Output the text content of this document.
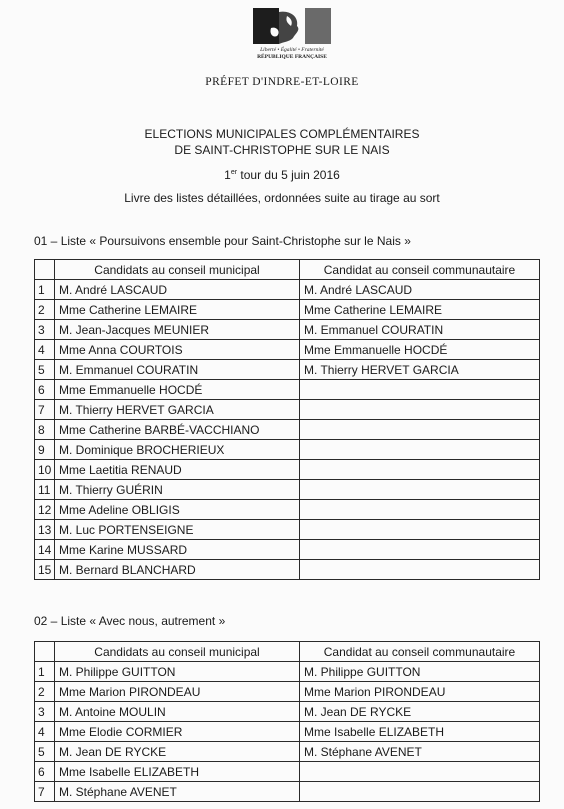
Liberté • Égalité • Fraternité
RÉPUBLIQUE FRANÇAISE
PRÉFET D'INDRE-ET-LOIRE
ELECTIONS MUNICIPALES COMPLÉMENTAIRES
DE SAINT-CHRISTOPHE SUR LE NAIS
1er tour du 5 juin 2016
Livre des listes détaillées, ordonnées suite au tirage au sort
01 – Liste « Poursuivons ensemble pour Saint-Christophe sur le Nais »
	Candidats au conseil municipal	Candidat au conseil communautaire
1	M. André LASCAUD	M. André LASCAUD
2	Mme Catherine LEMAIRE	Mme Catherine LEMAIRE
3	M. Jean-Jacques MEUNIER	M. Emmanuel COURATIN
4	Mme Anna COURTOIS	Mme Emmanuelle HOCDÉ
5	M. Emmanuel COURATIN	M. Thierry HERVET GARCIA
6	Mme Emmanuelle HOCDÉ	
7	M. Thierry HERVET GARCIA	
8	Mme Catherine BARBÉ-VACCHIANO	
9	M. Dominique BROCHERIEUX	
10	Mme Laetitia RENAUD	
11	M. Thierry GUÉRIN	
12	Mme Adeline OBLIGIS	
13	M. Luc PORTENSEIGNE	
14	Mme Karine MUSSARD	
15	M. Bernard BLANCHARD	
02 – Liste « Avec nous, autrement »
	Candidats au conseil municipal	Candidat au conseil communautaire
1	M. Philippe GUITTON	M. Philippe GUITTON
2	Mme Marion PIRONDEAU	Mme Marion PIRONDEAU
3	M. Antoine MOULIN	M. Jean DE RYCKE
4	Mme Elodie CORMIER	Mme Isabelle ELIZABETH
5	M. Jean DE RYCKE	M. Stéphane AVENET
6	Mme Isabelle ELIZABETH	
7	M. Stéphane AVENET	
